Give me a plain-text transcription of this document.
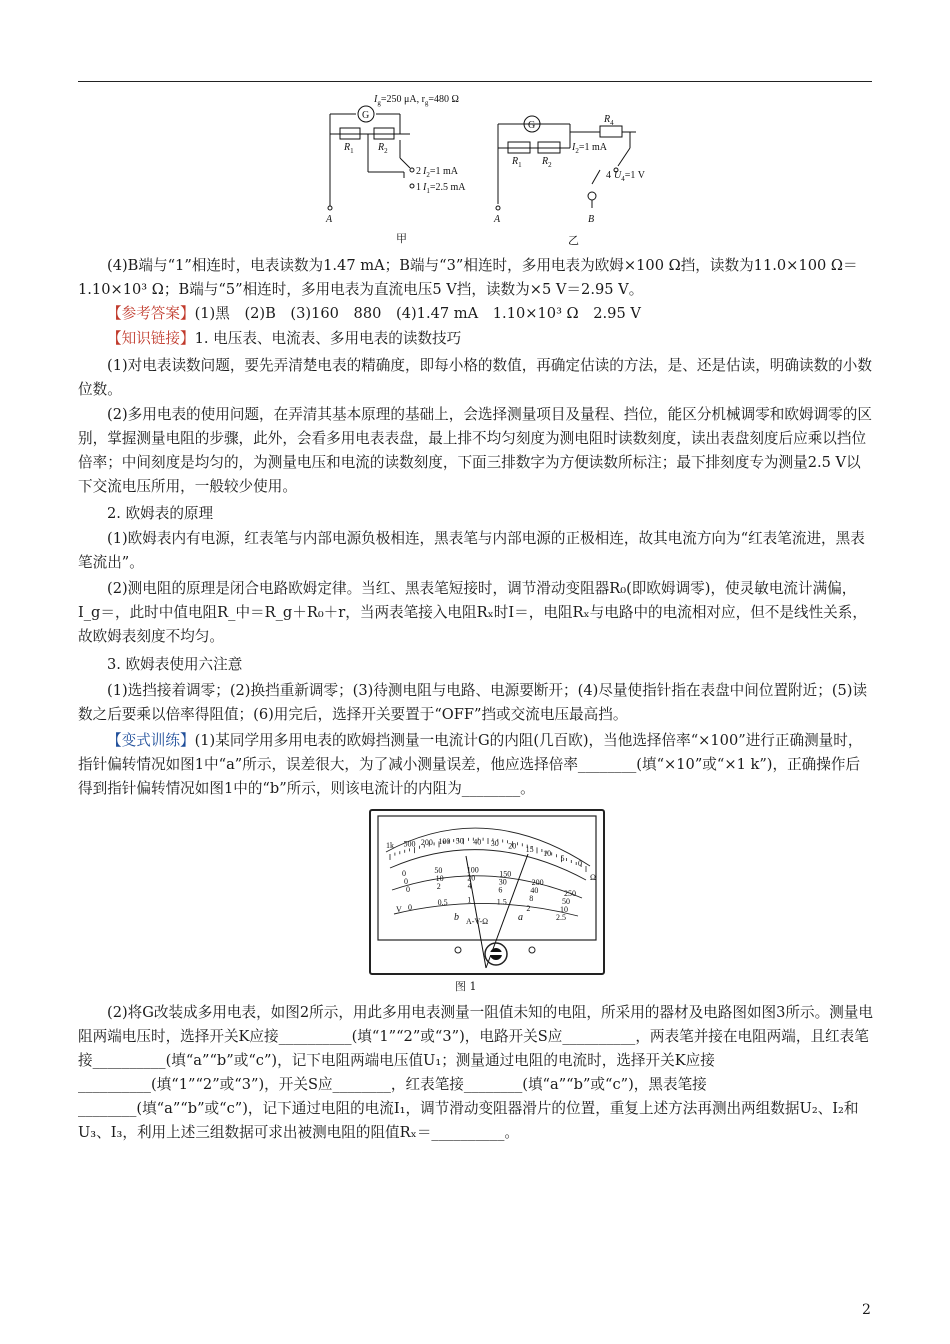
$I_g=250$ μA, $r_g=480$ Ω
G
$R_1$ $R_2$
2 $I_2=1$ mA
1 $I_1=2.5$ mA
A
甲
G
$R_1$ $R_2$
$R_4$
$I_2=1$ mA
4 $U_4=1$ V
A	B
乙

(4)B端与“1”相连时，电表读数为1.47 mA；B端与“3”相连时，多用电表为欧姆×100 Ω挡，读数为11.0×100 Ω＝1.10×10³ Ω；B端与“5”相连时，多用电表为直流电压5 V挡，读数为×5 V＝2.95 V。

【参考答案】(1)黑　(2)B　(3)160　880　(4)1.47 mA　1.10×10³ Ω　2.95 V

【知识链接】1. 电压表、电流表、多用电表的读数技巧

(1)对电表读数问题，要先弄清楚电表的精确度，即每小格的数值，再确定估读的方法，是、还是估读，明确读数的小数位数。

(2)多用电表的使用问题，在弄清其基本原理的基础上，会选择测量项目及量程、挡位，能区分机械调零和欧姆调零的区别，掌握测量电阻的步骤，此外，会看多用电表表盘，最上排不均匀刻度为测电阻时读数刻度，读出表盘刻度后应乘以挡位倍率；中间刻度是均匀的，为测量电压和电流的读数刻度，下面三排数字为方便读数所标注；最下排刻度专为测量2.5 V以下交流电压所用，一般较少使用。

2. 欧姆表的原理

(1)欧姆表内有电源，红表笔与内部电源负极相连，黑表笔与内部电源的正极相连，故其电流方向为“红表笔流进，黑表笔流出”。

(2)测电阻的原理是闭合电路欧姆定律。当红、黑表笔短接时，调节滑动变阻器R₀(即欧姆调零)，使灵敏电流计满偏，I_g＝，此时中值电阻R_中＝R_g＋R₀＋r，当两表笔接入电阻Rₓ时I＝，电阻Rₓ与电路中的电流相对应，但不是线性关系，故欧姆表刻度不均匀。

3. 欧姆表使用六注意

(1)选挡接着调零；(2)换挡重新调零；(3)待测电阻与电路、电源要断开；(4)尽量使指针指在表盘中间位置附近；(5)读数之后要乘以倍率得阻值；(6)用完后，选择开关要置于“OFF”挡或交流电压最高挡。

【变式训练】(1)某同学用多用电表的欧姆挡测量一电流计G的内阻(几百欧)，当他选择倍率“×100”进行正确测量时，指针偏转情况如图1中“a”所示，误差很大，为了减小测量误差，他应选择倍率________(填“×10”或“×1 k”)，正确操作后得到指针偏转情况如图1中的“b”所示，则该电流计的内阻为________。

1k 500 200 100 50 40 30 20 15 10
5
0
Ω
0	50	100	150
200
250
0	10	20	30
40
50
0	2	4	6
8
10
0
0.5 1	1.5
2
2.5
V
A-V-Ω
b	a
图 1

(2)将G改装成多用电表，如图2所示，用此多用电表测量一阻值未知的电阻，所采用的器材及电路图如图3所示。测量电阻两端电压时，选择开关K应接__________(填“1”“2”或“3”)，电路开关S应__________，两表笔并接在电阻两端，且红表笔接__________(填“a”“b”或“c”)，记下电阻两端电压值U₁；测量通过电阻的电流时，选择开关K应接__________(填“1”“2”或“3”)，开关S应________，红表笔接________(填“a”“b”或“c”)，黑表笔接________(填“a”“b”或“c”)，记下通过电阻的电流I₁，调节滑动变阻器滑片的位置，重复上述方法再测出两组数据U₂、I₂和U₃、I₃，利用上述三组数据可求出被测电阻的阻值Rₓ＝__________。

2
